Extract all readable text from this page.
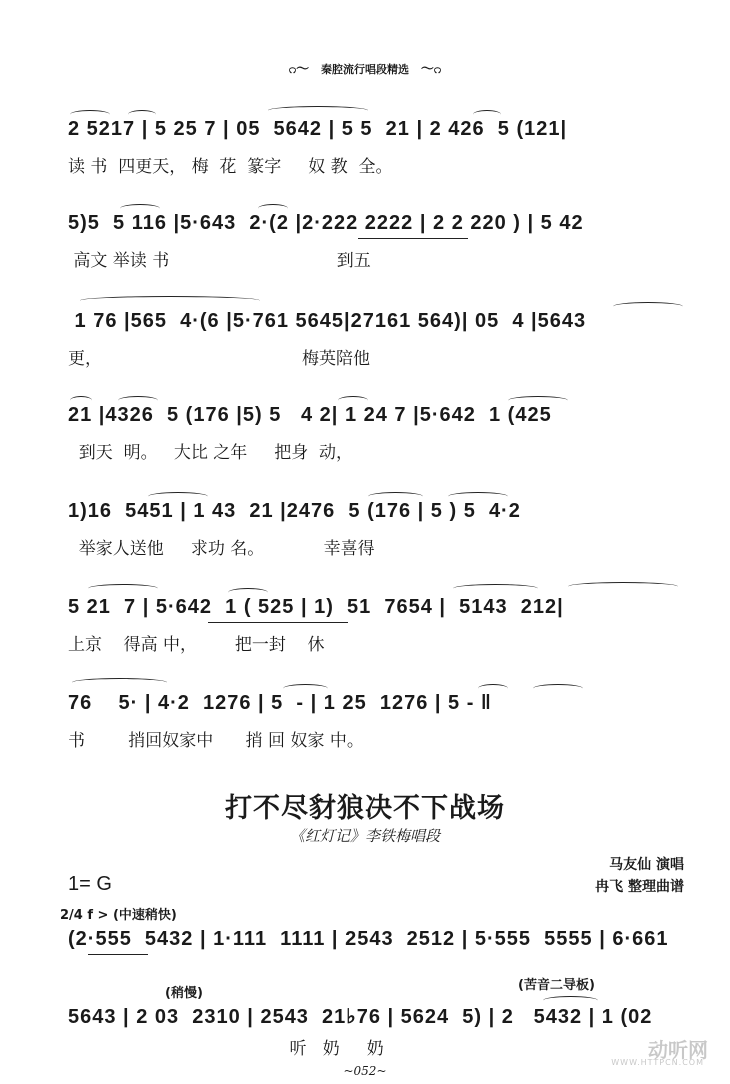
೧〜 秦腔流行唱段精选 〜೧
2 5217 | 5 25 7 | 05  5642 | 5 5  21 | 2 426  5 (121|
读 书  四更天， 梅  花  篆字     奴 教  全。
5)5  5 116 |5·643  2·(2 |2·222 2222 | 2 2 220 ) | 5 42
高文 举读 书                               到五
1 76 |565  4·(6 |5·761 5645|27161 564)| 05  4 |5643
更，                                     梅英陪他
21 |4326  5 (176 |5) 5   4 2| 1 24 7 |5·642  1 (425
到天  明。   大比 之年     把身  动，
1)16  5451 | 1 43  21 |2476  5 (176 | 5 ) 5  4·2
举家人送他     求功 名。           幸喜得
5 21  7 | 5·642  1 ( 525 | 1)  51  7654 |  5143  212|
上京    得高 中，       把一封    休
76    5· | 4·2  1276 | 5  - | 1 25  1276 | 5 - ‖
书        捎回奴家中      捎 回 奴家 中。
打不尽豺狼决不下战场
《红灯记》李铁梅唱段
马友仙 演唱
冉飞 整理曲谱
1= G
2/4 f > (中速稍快)
(2·555  5432 | 1·111  1111 | 2543  2512 | 5·555  5555 | 6·661
(稍慢)
(苦音二导板)
5643 | 2 03  2310 | 2543  21♭76 | 5624  5) | 2   5432 | 1 (02
听   奶     奶
~052~
动听网
WWW.HTTPCN.COM
